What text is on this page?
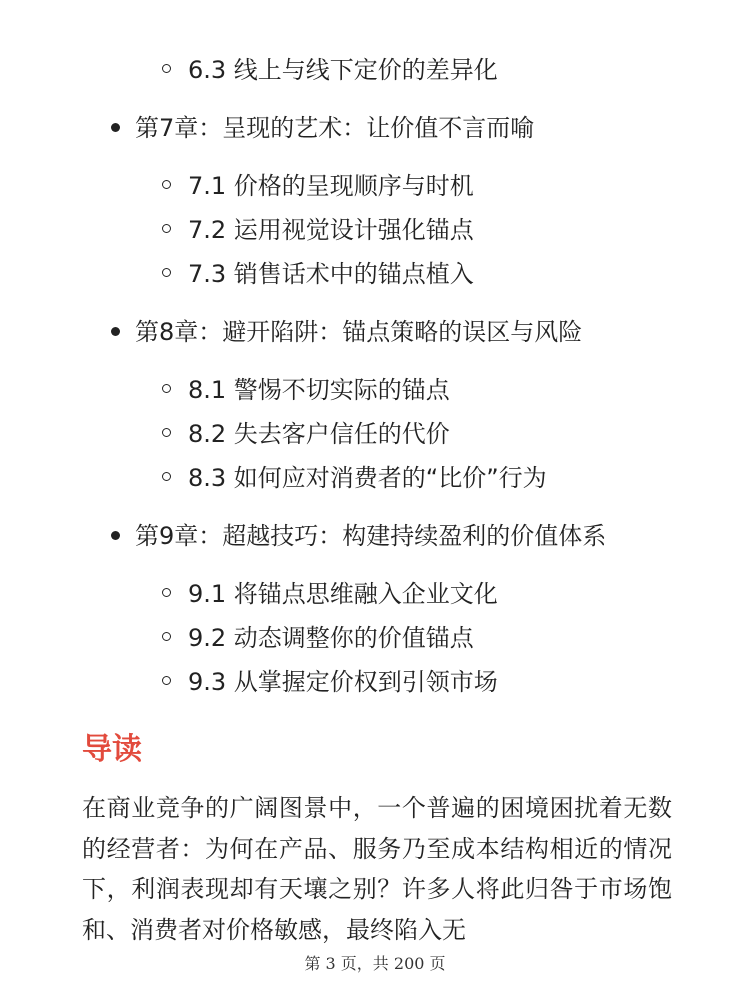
6.3 线上与线下定价的差异化
第7章：呈现的艺术：让价值不言而喻
7.1 价格的呈现顺序与时机
7.2 运用视觉设计强化锚点
7.3 销售话术中的锚点植入
第8章：避开陷阱：锚点策略的误区与风险
8.1 警惕不切实际的锚点
8.2 失去客户信任的代价
8.3 如何应对消费者的“比价”行为
第9章：超越技巧：构建持续盈利的价值体系
9.1 将锚点思维融入企业文化
9.2 动态调整你的价值锚点
9.3 从掌握定价权到引领市场
导读

在商业竞争的广阔图景中，一个普遍的困境困扰着无数的经营者：为何在产品、服务乃至成本结构相近的情况下，利润表现却有天壤之别？许多人将此归咎于市场饱和、消费者对价格敏感，最终陷入无

第 3 页，共 200 页
